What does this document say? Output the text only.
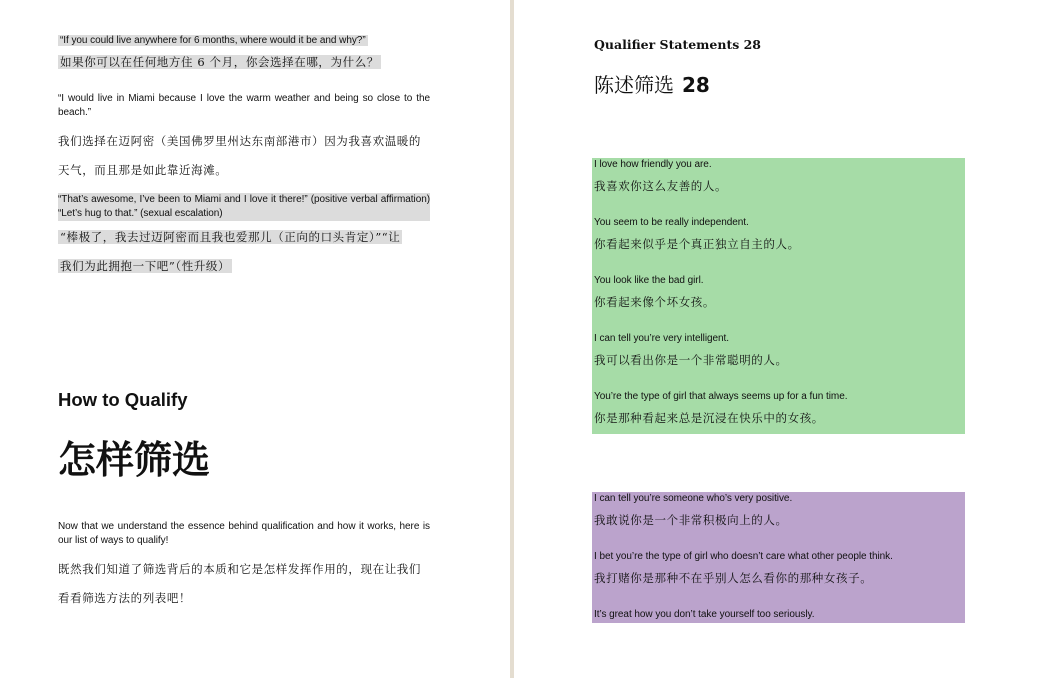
“If you could live anywhere for 6 months, where would it be and why?”

如果你可以在任何地方住 6 个月，你会选择在哪，为什么？

“I would live in Miami because I love the warm weather and being so close to the beach.”

我们选择在迈阿密（美国佛罗里州达东南部港市）因为我喜欢温暖的天气，而且那是如此靠近海滩。

“That’s awesome, I’ve been to Miami and I love it there!” (positive verbal affirmation) “Let’s hug to that.” (sexual escalation)

“棒极了，我去过迈阿密而且我也爱那儿（正向的口头肯定）”“让

我们为此拥抱一下吧”（性升级）

How to Qualify
怎样筛选

Now that we understand the essence behind qualification and how it works, here is our list of ways to qualify!

既然我们知道了筛选背后的本质和它是怎样发挥作用的，现在让我们看看筛选方法的列表吧！

Qualifier Statements 28

陈述筛选 28

I love how friendly you are.

我喜欢你这么友善的人。

You seem to be really independent.

你看起来似乎是个真正独立自主的人。

You look like the bad girl.

你看起来像个坏女孩。

I can tell you’re very intelligent.

我可以看出你是一个非常聪明的人。

You’re the type of girl that always seems up for a fun time.

你是那种看起来总是沉浸在快乐中的女孩。

I can tell you’re someone who’s very positive.

我敢说你是一个非常积极向上的人。

I bet you’re the type of girl who doesn’t care what other people think.

我打赌你是那种不在乎别人怎么看你的那种女孩子。

It’s great how you don’t take yourself too seriously.
